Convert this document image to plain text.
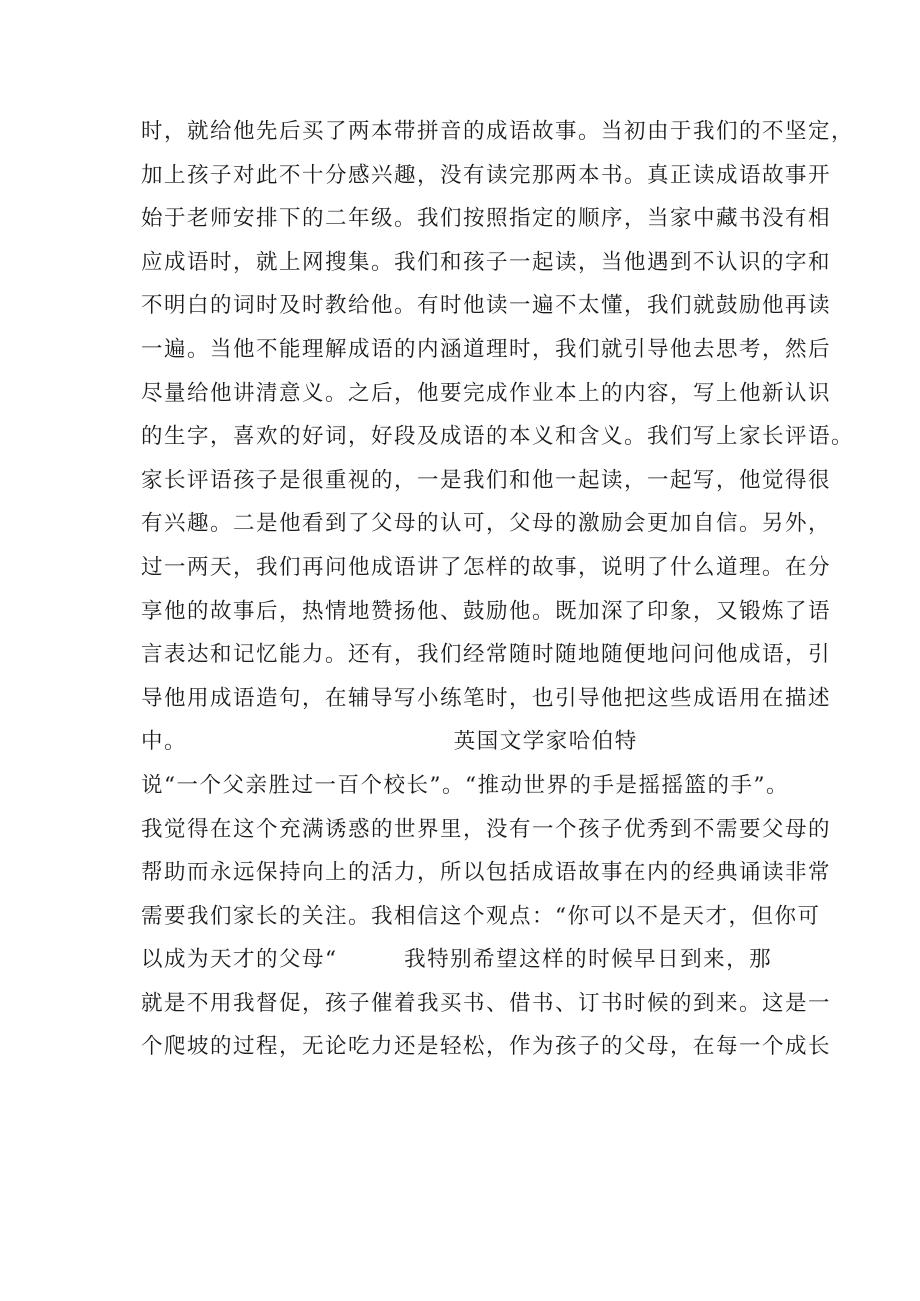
时，就给他先后买了两本带拼音的成语故事。当初由于我们的不坚定，
加上孩子对此不十分感兴趣，没有读完那两本书。真正读成语故事开
始于老师安排下的二年级。我们按照指定的顺序，当家中藏书没有相
应成语时，就上网搜集。我们和孩子一起读，当他遇到不认识的字和
不明白的词时及时教给他。有时他读一遍不太懂，我们就鼓励他再读
一遍。当他不能理解成语的内涵道理时，我们就引导他去思考，然后
尽量给他讲清意义。之后，他要完成作业本上的内容，写上他新认识
的生字，喜欢的好词，好段及成语的本义和含义。我们写上家长评语。
家长评语孩子是很重视的，一是我们和他一起读，一起写，他觉得很
有兴趣。二是他看到了父母的认可，父母的激励会更加自信。另外，
过一两天，我们再问他成语讲了怎样的故事，说明了什么道理。在分
享他的故事后，热情地赞扬他、鼓励他。既加深了印象，又锻炼了语
言表达和记忆能力。还有，我们经常随时随地随便地问问他成语，引
导他用成语造句，在辅导写小练笔时，也引导他把这些成语用在描述
中。                                英国文学家哈伯特
说“一个父亲胜过一百个校长”。“推动世界的手是摇摇篮的手”。
我觉得在这个充满诱惑的世界里，没有一个孩子优秀到不需要父母的
帮助而永远保持向上的活力，所以包括成语故事在内的经典诵读非常
需要我们家长的关注。我相信这个观点：“你可以不是天才，但你可
以成为天才的父母“        我特别希望这样的时候早日到来，那
就是不用我督促，孩子催着我买书、借书、订书时候的到来。这是一
个爬坡的过程，无论吃力还是轻松，作为孩子的父母，在每一个成长
